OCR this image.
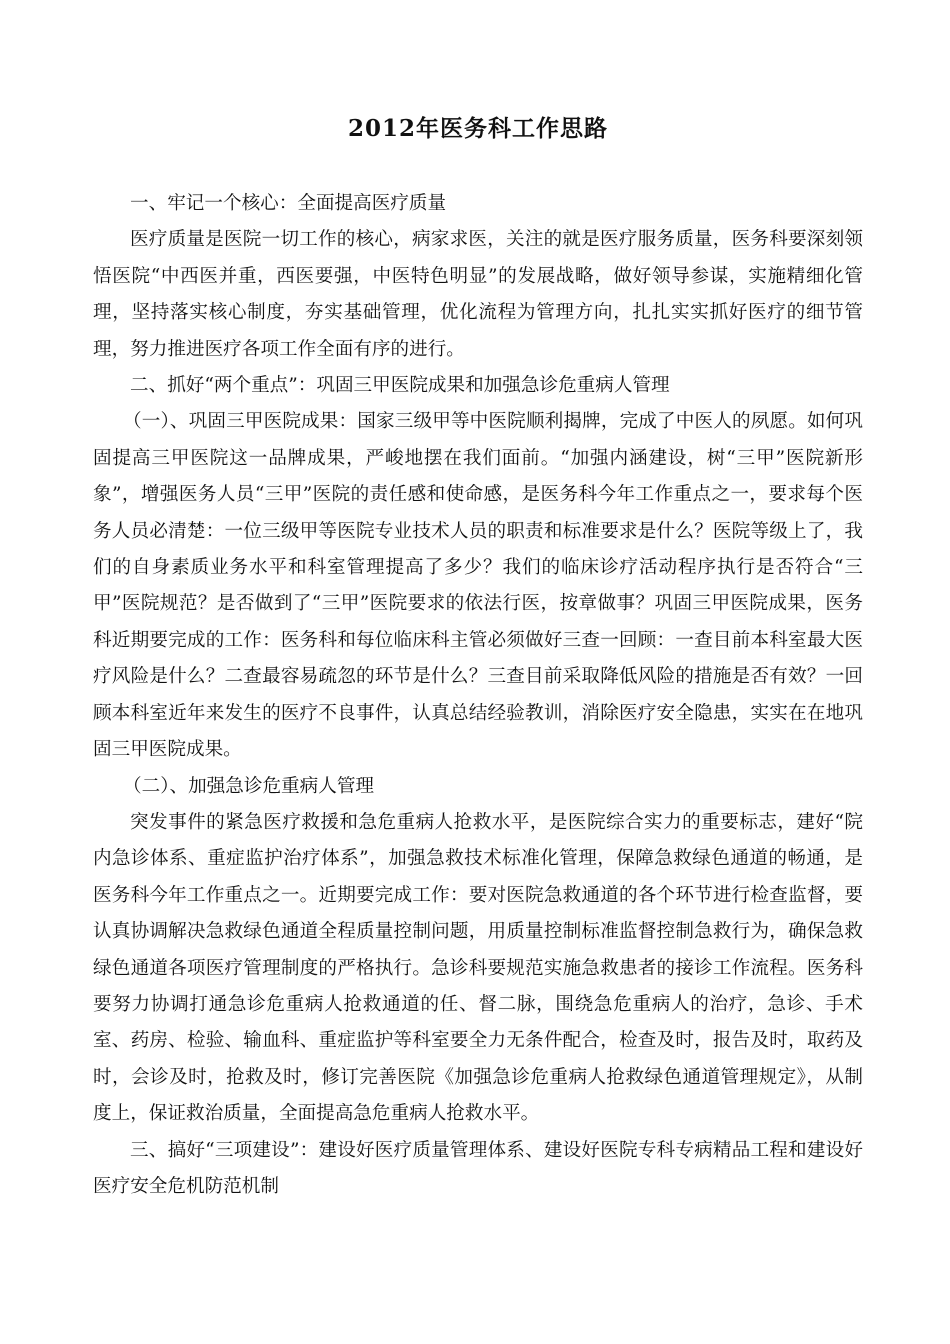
2012年医务科工作思路

一、牢记一个核心：全面提高医疗质量

医疗质量是医院一切工作的核心，病家求医，关注的就是医疗服务质量，医务科要深刻领悟医院“中西医并重，西医要强，中医特色明显”的发展战略，做好领导参谋，实施精细化管理，坚持落实核心制度，夯实基础管理，优化流程为管理方向，扎扎实实抓好医疗的细节管理，努力推进医疗各项工作全面有序的进行。

二、抓好“两个重点”：巩固三甲医院成果和加强急诊危重病人管理

（一）、巩固三甲医院成果：国家三级甲等中医院顺利揭牌，完成了中医人的夙愿。如何巩固提高三甲医院这一品牌成果，严峻地摆在我们面前。“加强内涵建设，树“三甲”医院新形象”，增强医务人员“三甲”医院的责任感和使命感，是医务科今年工作重点之一，要求每个医务人员必清楚：一位三级甲等医院专业技术人员的职责和标准要求是什么？医院等级上了，我们的自身素质业务水平和科室管理提高了多少？我们的临床诊疗活动程序执行是否符合“三甲”医院规范？是否做到了“三甲”医院要求的依法行医，按章做事？巩固三甲医院成果，医务科近期要完成的工作：医务科和每位临床科主管必须做好三查一回顾：一查目前本科室最大医疗风险是什么？二查最容易疏忽的环节是什么？三查目前采取降低风险的措施是否有效？一回顾本科室近年来发生的医疗不良事件，认真总结经验教训，消除医疗安全隐患，实实在在地巩固三甲医院成果。

（二）、加强急诊危重病人管理

突发事件的紧急医疗救援和急危重病人抢救水平，是医院综合实力的重要标志，建好“院内急诊体系、重症监护治疗体系”，加强急救技术标准化管理，保障急救绿色通道的畅通，是医务科今年工作重点之一。近期要完成工作：要对医院急救通道的各个环节进行检查监督，要认真协调解决急救绿色通道全程质量控制问题，用质量控制标准监督控制急救行为，确保急救绿色通道各项医疗管理制度的严格执行。急诊科要规范实施急救患者的接诊工作流程。医务科要努力协调打通急诊危重病人抢救通道的任、督二脉，围绕急危重病人的治疗，急诊、手术室、药房、检验、输血科、重症监护等科室要全力无条件配合，检查及时，报告及时，取药及时，会诊及时，抢救及时，修订完善医院《加强急诊危重病人抢救绿色通道管理规定》，从制度上，保证救治质量，全面提高急危重病人抢救水平。

三、搞好“三项建设”：建设好医疗质量管理体系、建设好医院专科专病精品工程和建设好医疗安全危机防范机制
